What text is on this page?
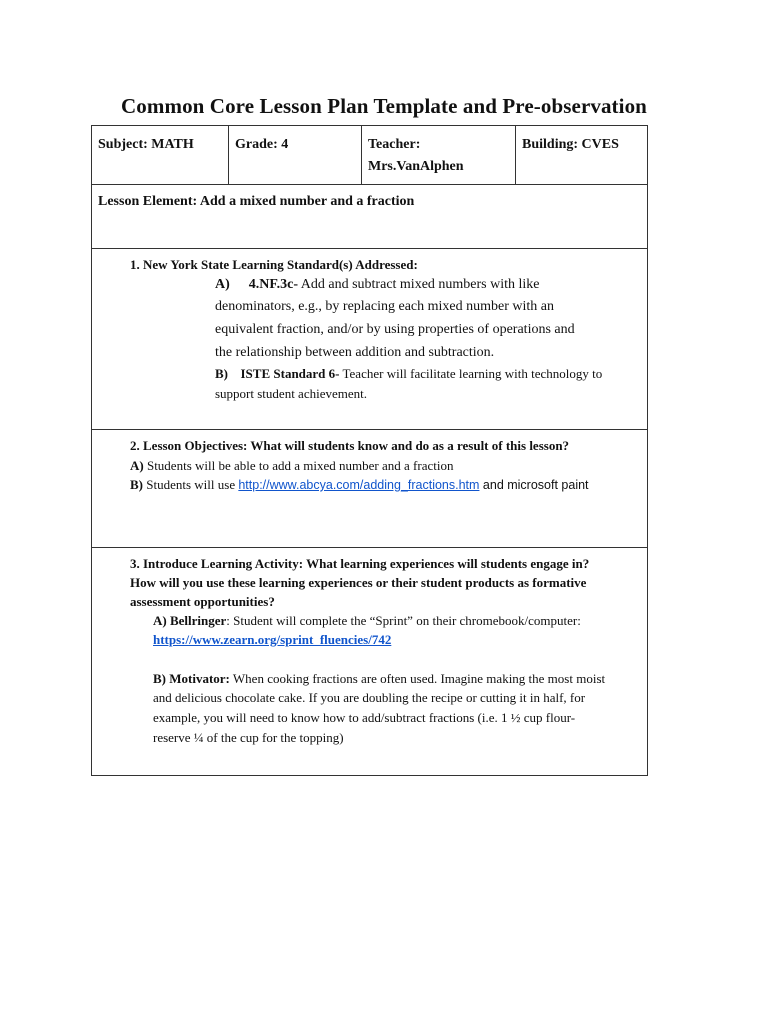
Common Core Lesson Plan Template and Pre-observation
Subject: MATH	Grade: 4	Teacher:
Mrs.VanAlphen
Building: CVES
Lesson Element: Add a mixed number and a fraction
1. New York State Learning Standard(s) Addressed:
A) 4.NF.3c- Add and subtract mixed numbers with like
denominators, e.g., by replacing each mixed number with an
equivalent fraction, and/or by using properties of operations and
the relationship between addition and subtraction.
B) ISTE Standard 6- Teacher will facilitate learning with technology to
support student achievement.
2. Lesson Objectives: What will students know and do as a result of this lesson?
A) Students will be able to add a mixed number and a fraction
B) Students will use http://www.abcya.com/adding_fractions.htm and microsoft paint
3. Introduce Learning Activity: What learning experiences will students engage in?
How will you use these learning experiences or their student products as formative
assessment opportunities?
A) Bellringer: Student will complete the “Sprint” on their chromebook/computer:
https://www.zearn.org/sprint_fluencies/742
B) Motivator: When cooking fractions are often used. Imagine making the most moist
and delicious chocolate cake. If you are doubling the recipe or cutting it in half, for
example, you will need to know how to add/subtract fractions (i.e. 1 ½ cup flour-
reserve ¼ of the cup for the topping)
